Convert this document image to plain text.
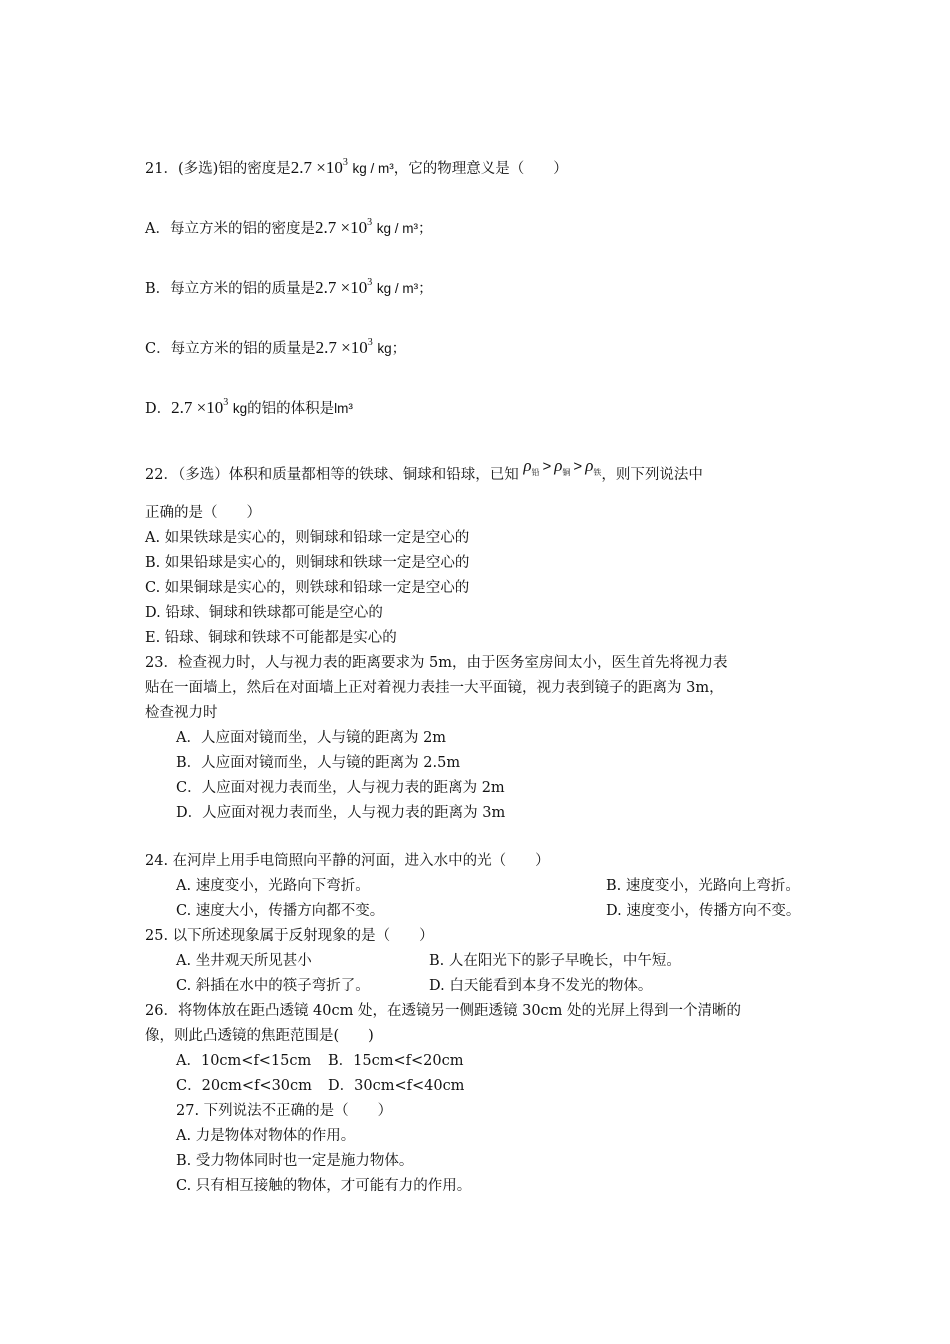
21．(多选)铝的密度是$2.7 \times 10^3$ kg / m³，它的物理意义是（　　）
A．每立方米的铝的密度是$2.7 \times 10^3$ kg / m³；
B．每立方米的铝的质量是$2.7 \times 10^3$ kg / m³；
C．每立方米的铝的质量是$2.7 \times 10^3$ kg；
D．$2.7 \times 10^3$ kg的铝的体积是lm³
22．（多选）体积和质量都相等的铁球、铜球和铅球，已知 $\rho_铅 > \rho_铜 > \rho_铁$，则下列说法中
正确的是（　　）
A. 如果铁球是实心的，则铜球和铅球一定是空心的
B. 如果铅球是实心的，则铜球和铁球一定是空心的
C. 如果铜球是实心的，则铁球和铅球一定是空心的
D. 铅球、铜球和铁球都可能是空心的
E. 铅球、铜球和铁球不可能都是实心的
23．检查视力时，人与视力表的距离要求为 5m，由于医务室房间太小，医生首先将视力表
贴在一面墙上，然后在对面墙上正对着视力表挂一大平面镜，视力表到镜子的距离为 3m，
检查视力时
A．人应面对镜而坐，人与镜的距离为 2m
B．人应面对镜而坐，人与镜的距离为 2.5m
C．人应面对视力表而坐，人与视力表的距离为 2m
D．人应面对视力表而坐，人与视力表的距离为 3m
24. 在河岸上用手电筒照向平静的河面，进入水中的光（　　）
A. 速度变小，光路向下弯折。	B. 速度变小，光路向上弯折。
C. 速度大小，传播方向都不变。	D. 速度变小，传播方向不变。
25. 以下所述现象属于反射现象的是（　　）
A. 坐井观天所见甚小	B. 人在阳光下的影子早晚长，中午短。
C. 斜插在水中的筷子弯折了。	D. 白天能看到本身不发光的物体。
26．将物体放在距凸透镜 40cm 处，在透镜另一侧距透镜 30cm 处的光屏上得到一个清晰的
像，则此凸透镜的焦距范围是(　　)
A．10cm<f<15cm B．15cm<f<20cm
C．20cm<f<30cm D．30cm<f<40cm
27. 下列说法不正确的是（　　）
A. 力是物体对物体的作用。
B. 受力物体同时也一定是施力物体。
C. 只有相互接触的物体，才可能有力的作用。
